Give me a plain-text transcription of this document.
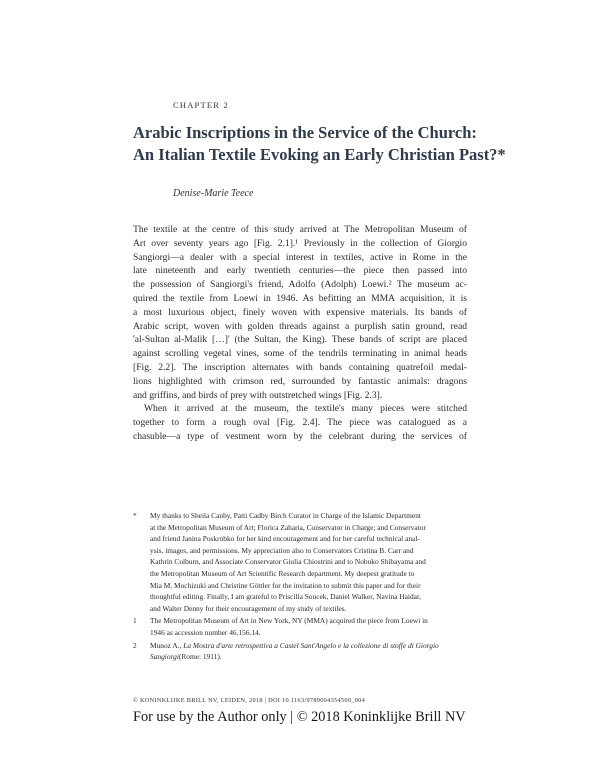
CHAPTER 2
Arabic Inscriptions in the Service of the Church:
An Italian Textile Evoking an Early Christian Past?*
Denise-Marie Teece
The textile at the centre of this study arrived at The Metropolitan Museum of
Art over seventy years ago [Fig. 2.1].¹ Previously in the collection of Giorgio
Sangiorgi—a dealer with a special interest in textiles, active in Rome in the
late nineteenth and early twentieth centuries—the piece then passed into
the possession of Sangiorgi's friend, Adolfo (Adolph) Loewi.² The museum ac-
quired the textile from Loewi in 1946. As befitting an MMA acquisition, it is
a most luxurious object, finely woven with expensive materials. Its bands of
Arabic script, woven with golden threads against a purplish satin ground, read
'al-Sultan al-Malik […]' (the Sultan, the King). These bands of script are placed
against scrolling vegetal vines, some of the tendrils terminating in animal heads
[Fig. 2.2]. The inscription alternates with bands containing quatrefoil medal-
lions highlighted with crimson red, surrounded by fantastic animals: dragons
and griffins, and birds of prey with outstretched wings [Fig. 2.3].
When it arrived at the museum, the textile's many pieces were stitched
together to form a rough oval [Fig. 2.4]. The piece was catalogued as a
chasuble—a type of vestment worn by the celebrant during the services of
* My thanks to Sheila Canby, Patti Cadby Birch Curator in Charge of the Islamic Department
at the Metropolitan Museum of Art; Florica Zaharia, Conservator in Charge; and Conservator
and friend Janina Poskrobko for her kind encouragement and for her careful technical anal-
ysis, images, and permissions. My appreciation also to Conservators Cristina B. Carr and
Kathrin Colburn, and Associate Conservator Giulia Chiostrini and to Nobuko Shibayama and
the Metropolitan Museum of Art Scientific Research department. My deepest gratitude to
Mia M. Mochizuki and Christine Göttler for the invitation to submit this paper and for their
thoughtful editing. Finally, I am grateful to Priscilla Soucek, Daniel Walker, Navina Haidar,
and Walter Denny for their encouragement of my study of textiles.
1 The Metropolitan Museum of Art in New York, NY (MMA) acquired the piece from Loewi in
1946 as accession number 46.156.14.
2 Munoz A., La Mostra d'arte retrospettiva a Castel Sant'Angelo e la collezione di stoffe di Giorgio
Sangiorgi(Rome: 1911).
© KONINKLIJKE BRILL NV, LEIDEN, 2018 | DOI 10.1163/9789004354500_004
For use by the Author only | © 2018 Koninklijke Brill NV
